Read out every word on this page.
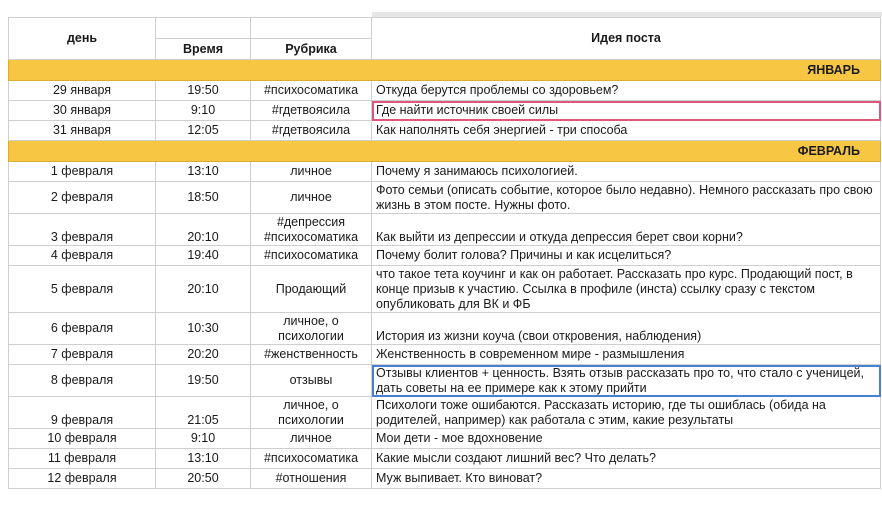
день			Идея поста
	Время	Рубрика	
ЯНВАРЬ			
29 января	19:50	#психосоматика	Откуда берутся проблемы со здоровьем?
30 января	9:10	#гдетвоясила	Где найти источник своей силы
31 января	12:05	#гдетвоясила	Как наполнять себя энергией - три способа
ФЕВРАЛЬ			
1 февраля	13:10	личное	Почему я занимаюсь психологией.
2 февраля	18:50	личное	Фото семьи (описать событие, которое было недавно). Немного рассказать про свою жизнь в этом посте. Нужны фото.
3 февраля	20:10	#депрессия #психосоматика	Как выйти из депрессии и откуда депрессия берет свои корни?
4 февраля	19:40	#психосоматика	Почему болит голова? Причины и как исцелиться?
5 февраля	20:10	Продающий	что такое тета коучинг и как он работает. Рассказать про курс. Продающий пост, в конце призыв к участию. Ссылка в профиле (инста) ссылку сразу с текстом опубликовать для ВК и ФБ
6 февраля	10:30	личное, о психологии	История из жизни коуча (свои откровения, наблюдения)
7 февраля	20:20	#женственность	Женственность в современном мире - размышления
8 февраля	19:50	отзывы	Отзывы клиентов + ценность. Взять отзыв рассказать про то, что стало с ученицей, дать советы на ее примере как к этому прийти
9 февраля	21:05	личное, о психологии	Психологи тоже ошибаются. Рассказать историю, где ты ошиблась (обида на родителей, например) как работала с этим, какие результаты
10 февраля	9:10	личное	Мои дети - мое вдохновение
11 февраля	13:10	#психосоматика	Какие мысли создают лишний вес? Что делать?
12 февраля	20:50	#отношения	Муж выпивает. Кто виноват?
